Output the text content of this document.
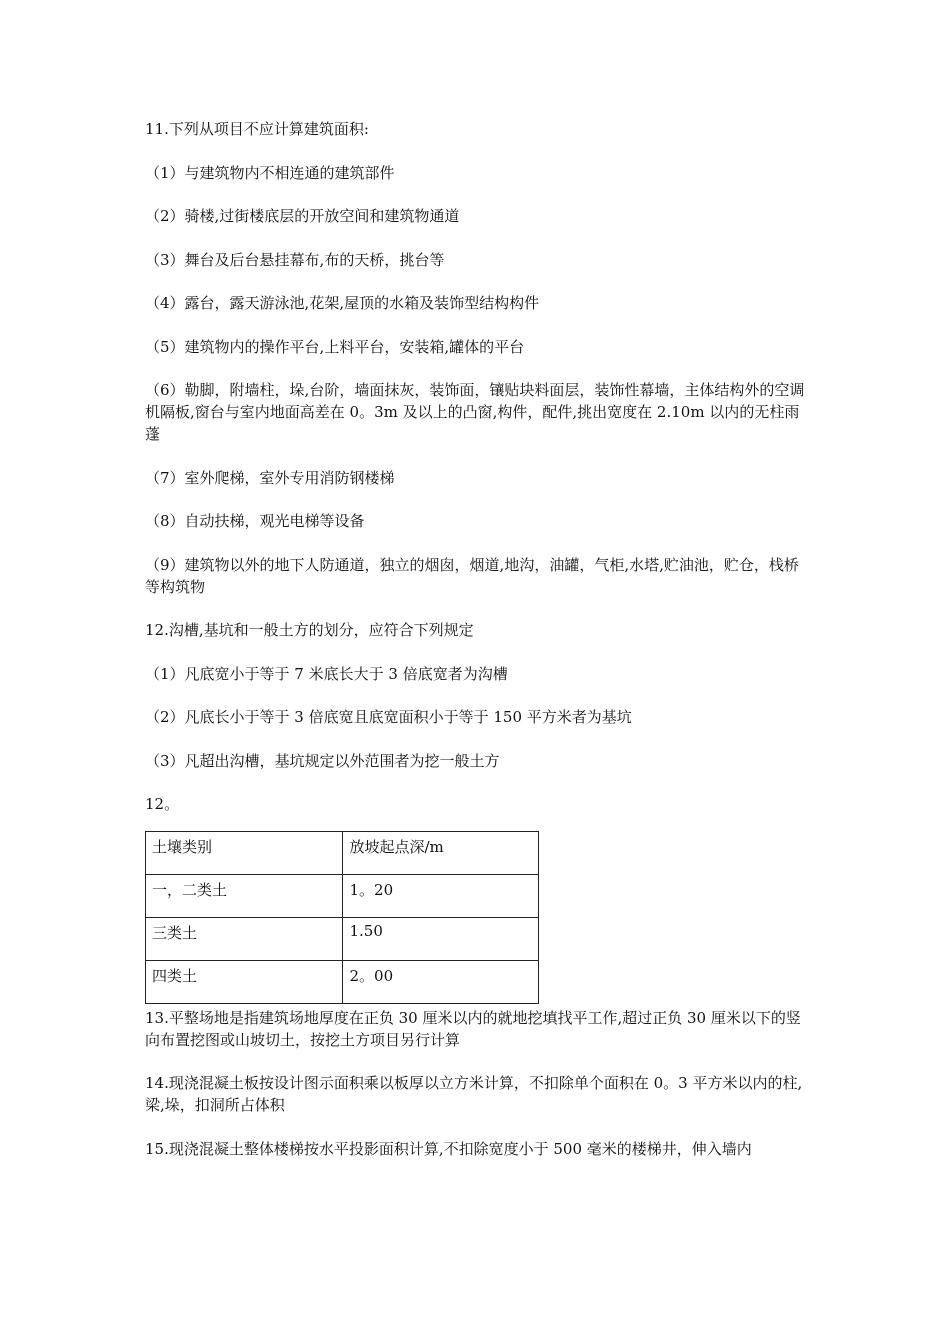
11.下列从项目不应计算建筑面积:

（1）与建筑物内不相连通的建筑部件

（2）骑楼,过街楼底层的开放空间和建筑物通道

（3）舞台及后台悬挂幕布,布的天桥，挑台等

（4）露台，露天游泳池,花架,屋顶的水箱及装饰型结构构件

（5）建筑物内的操作平台,上料平台，安装箱,罐体的平台

（6）勒脚，附墙柱，垛,台阶，墙面抹灰，装饰面，镶贴块料面层，装饰性幕墙，主体结构外的空调机隔板,窗台与室内地面高差在 0。3m 及以上的凸窗,构件，配件,挑出宽度在 2.10m 以内的无柱雨蓬

（7）室外爬梯，室外专用消防钢楼梯

（8）自动扶梯，观光电梯等设备

（9）建筑物以外的地下人防通道，独立的烟囱，烟道,地沟，油罐，气柜,水塔,贮油池，贮仓，栈桥等构筑物

12.沟槽,基坑和一般土方的划分，应符合下列规定

（1）凡底宽小于等于 7 米底长大于 3 倍底宽者为沟槽

（2）凡底长小于等于 3 倍底宽且底宽面积小于等于 150 平方米者为基坑

（3）凡超出沟槽，基坑规定以外范围者为挖一般土方

12。

土壤类别	放坡起点深/m
一，二类土	1。20
三类土	1.50
四类土	2。00

13.平整场地是指建筑场地厚度在正负 30 厘米以内的就地挖填找平工作,超过正负 30 厘米以下的竖向布置挖图或山坡切土，按挖土方项目另行计算

14.现浇混凝土板按设计图示面积乘以板厚以立方米计算，不扣除单个面积在 0。3 平方米以内的柱,梁,垛，扣洞所占体积

15.现浇混凝土整体楼梯按水平投影面积计算,不扣除宽度小于 500 毫米的楼梯井，伸入墙内
